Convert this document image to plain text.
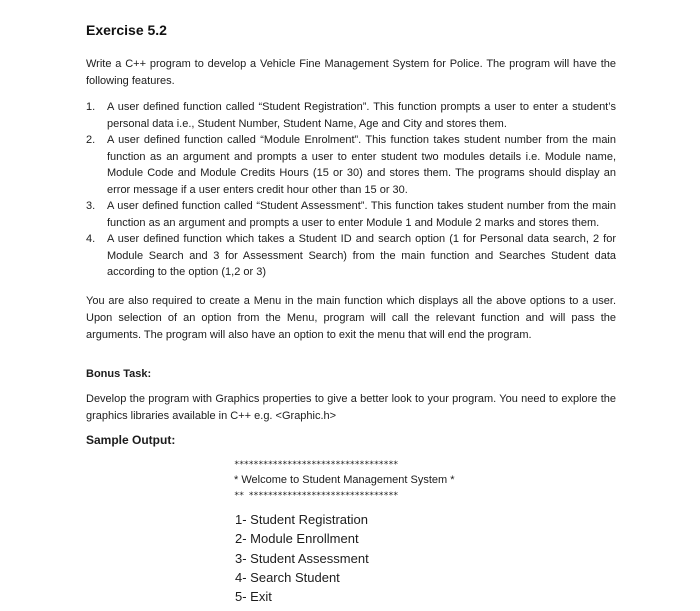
Exercise 5.2
Write a C++ program to develop a Vehicle Fine Management System for Police. The program will have the following features.
1. A user defined function called “Student Registration”. This function prompts a user to enter a student’s personal data i.e., Student Number, Student Name, Age and City and stores them.
2. A user defined function called “Module Enrolment”. This function takes student number from the main function as an argument and prompts a user to enter student two modules details i.e. Module name, Module Code and Module Credits Hours (15 or 30) and stores them. The programs should display an error message if a user enters credit hour other than 15 or 30.
3. A user defined function called “Student Assessment”. This function takes student number from the main function as an argument and prompts a user to enter Module 1 and Module 2 marks and stores them.
4. A user defined function which takes a Student ID and search option (1 for Personal data search, 2 for Module Search and 3 for Assessment Search) from the main function and Searches Student data according to the option (1,2 or 3)
You are also required to create a Menu in the main function which displays all the above options to a user. Upon selection of an option from the Menu, program will call the relevant function and will pass the arguments. The program will also have an option to exit the menu that will end the program.
Bonus Task:
Develop the program with Graphics properties to give a better look to your program. You need to explore the graphics libraries available in C++ e.g. <Graphic.h>
Sample Output:
**********************************
* Welcome to Student Management System *
** *******************************
1- Student Registration
2- Module Enrollment
3- Student Assessment
4- Search Student
5- Exit
